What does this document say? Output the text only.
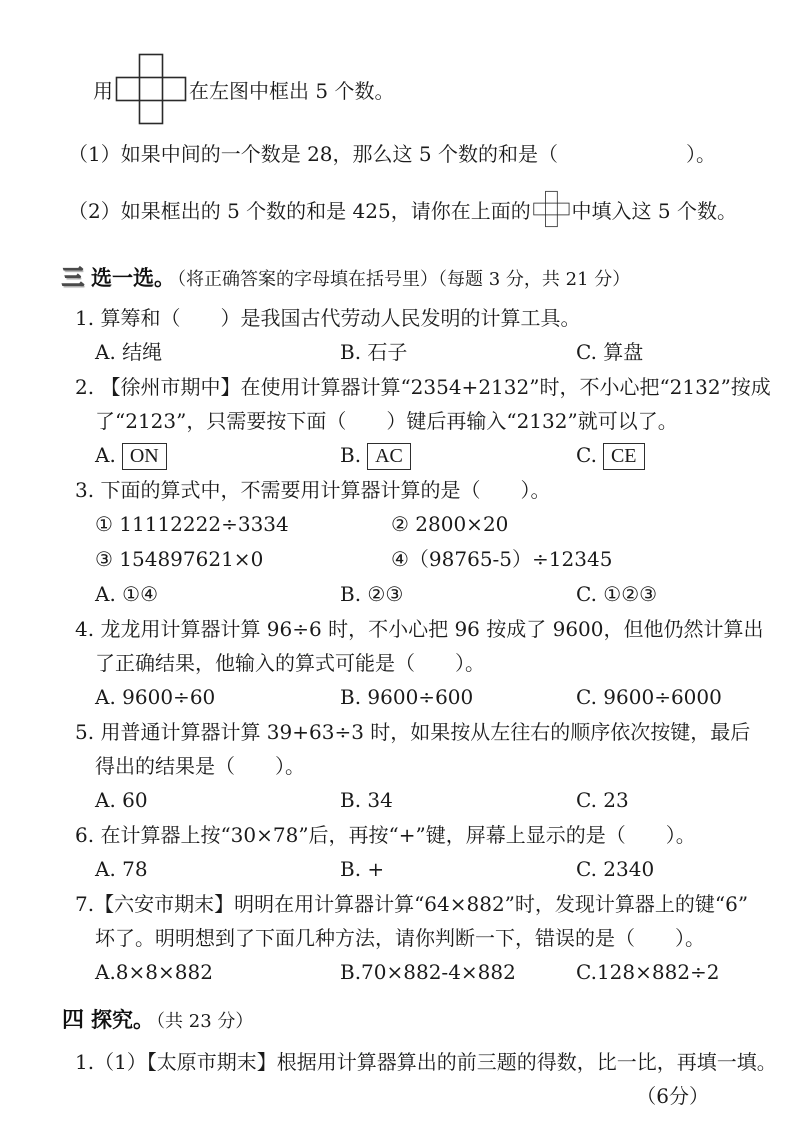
用	在左图中框出 5 个数。
（1）如果中间的一个数是 28，那么这 5 个数的和是（	）。
（2）如果框出的 5 个数的和是 425，请你在上面的 中填入这 5 个数。
三 选一选。 （将正确答案的字母填在括号里）（每题 3 分，共 21 分）
1. 算筹和（　　）是我国古代劳动人民发明的计算工具。
A. 结绳	B. 石子	C. 算盘
2. 【徐州市期中】在使用计算器计算“2354+2132”时，不小心把“2132”按成
了“2123”，只需要按下面（　　）键后再输入“2132”就可以了。
A. ON	B. AC	C. CE
3. 下面的算式中，不需要用计算器计算的是（　　）。
① 11112222÷3334	② 2800×20
③ 154897621×0	④（98765-5）÷12345
A. ①④	B. ②③	C. ①②③
4. 龙龙用计算器计算 96÷6 时，不小心把 96 按成了 9600，但他仍然计算出
了正确结果，他输入的算式可能是（　　）。
A. 9600÷60	B. 9600÷600	C. 9600÷6000
5. 用普通计算器计算 39+63÷3 时，如果按从左往右的顺序依次按键，最后
得出的结果是（　　）。
A. 60	B. 34	C. 23
6. 在计算器上按“30×78”后，再按“+”键，屏幕上显示的是（　　）。
A. 78	B. +	C. 2340
7.【六安市期末】明明在用计算器计算“64×882”时，发现计算器上的键“6”
坏了。明明想到了下面几种方法，请你判断一下，错误的是（　　）。
A.8×8×882	B.70×882-4×882	C.128×882÷2
四 探究。 （共 23 分）
1.（1）【太原市期末】根据用计算器算出的前三题的得数，比一比，再填一填。
（6分）
